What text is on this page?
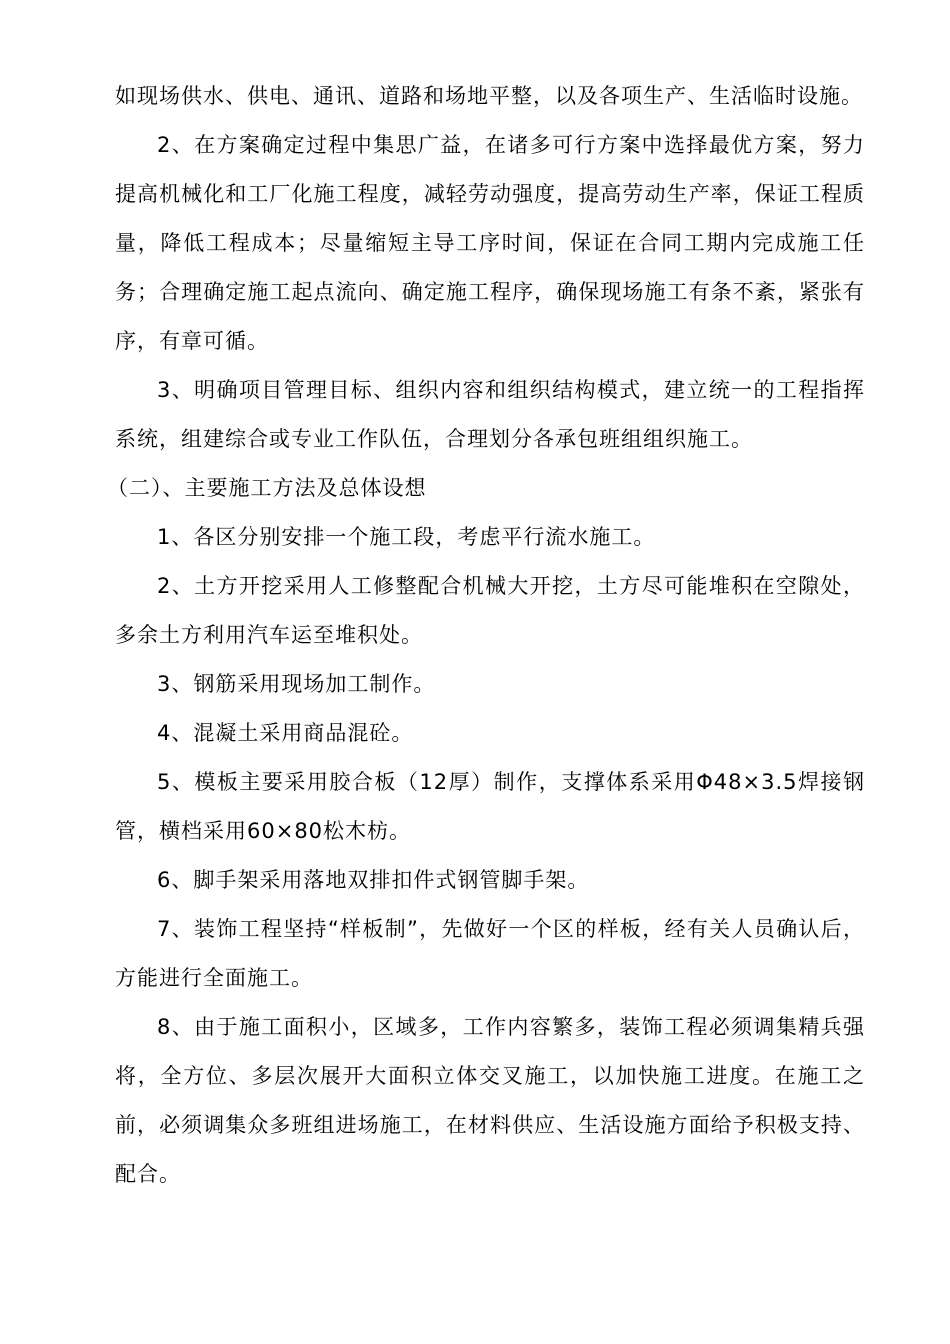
如现场供水、供电、通讯、道路和场地平整，以及各项生产、生活临时设施。

2、在方案确定过程中集思广益，在诸多可行方案中选择最优方案，努力提高机械化和工厂化施工程度，减轻劳动强度，提高劳动生产率，保证工程质量，降低工程成本；尽量缩短主导工序时间，保证在合同工期内完成施工任务；合理确定施工起点流向、确定施工程序，确保现场施工有条不紊，紧张有序，有章可循。

3、明确项目管理目标、组织内容和组织结构模式，建立统一的工程指挥系统，组建综合或专业工作队伍，合理划分各承包班组组织施工。

（二）、主要施工方法及总体设想

1、各区分别安排一个施工段，考虑平行流水施工。

2、土方开挖采用人工修整配合机械大开挖，土方尽可能堆积在空隙处，多余土方利用汽车运至堆积处。

3、钢筋采用现场加工制作。

4、混凝土采用商品混砼。

5、模板主要采用胶合板（12厚）制作，支撑体系采用Φ48×3.5焊接钢管，横档采用60×80松木枋。

6、脚手架采用落地双排扣件式钢管脚手架。

7、装饰工程坚持“样板制”，先做好一个区的样板，经有关人员确认后，方能进行全面施工。

8、由于施工面积小，区域多，工作内容繁多，装饰工程必须调集精兵强将，全方位、多层次展开大面积立体交叉施工，以加快施工进度。在施工之前，必须调集众多班组进场施工，在材料供应、生活设施方面给予积极支持、配合。
